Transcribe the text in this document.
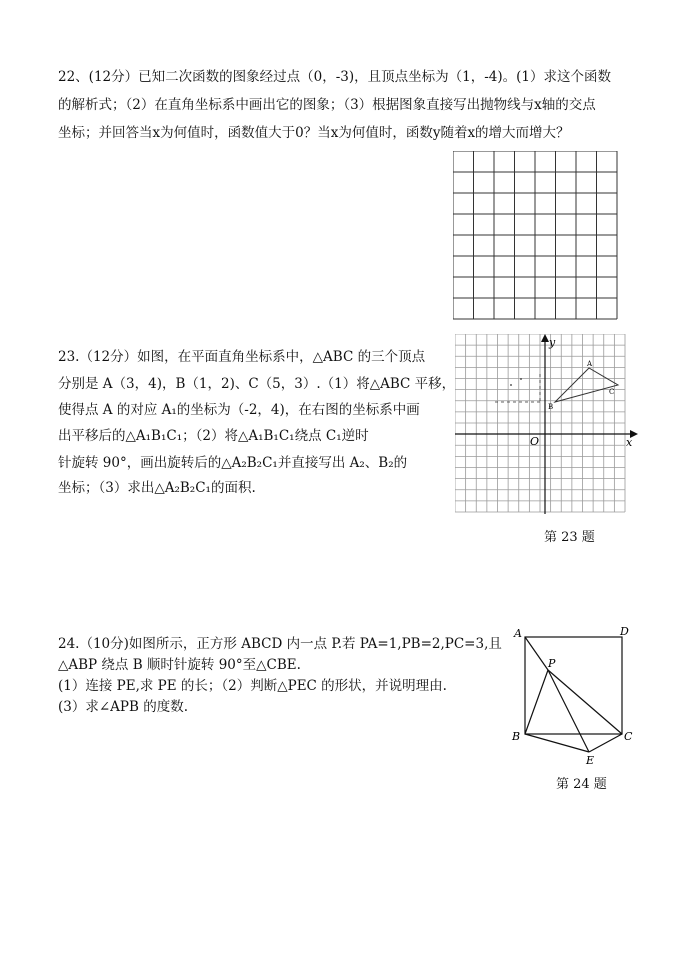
22、(12分）已知二次函数的图象经过点（0，-3)，且顶点坐标为（1，-4)。(1）求这个函数
的解析式；（2）在直角坐标系中画出它的图象；（3）根据图象直接写出抛物线与x轴的交点
坐标；并回答当x为何值时，函数值大于0？当x为何值时，函数y随着x的增大而增大？
23.（12分）如图，在平面直角坐标系中，△ABC 的三个顶点
分别是 A（3，4)，B（1，2)、C（5，3）.（1）将△ABC 平移，
使得点 A 的对应 A₁的坐标为（-2，4)，在右图的坐标系中画
出平移后的△A₁B₁C₁；（2）将△A₁B₁C₁绕点 C₁逆时
针旋转 90°，画出旋转后的△A₂B₂C₁并直接写出 A₂、B₂的
坐标；（3）求出△A₂B₂C₁的面积.
x
y
O
A
B
C
第 23 题
24.（10分)如图所示，正方形 ABCD 内一点 P.若 PA=1,PB=2,PC=3,且
△ABP 绕点 B 顺时针旋转 90°至△CBE.
(1）连接 PE,求 PE 的长；（2）判断△PEC 的形状，并说明理由.
(3）求∠APB 的度数.
A	D
P
B	C
E
第 24 题
